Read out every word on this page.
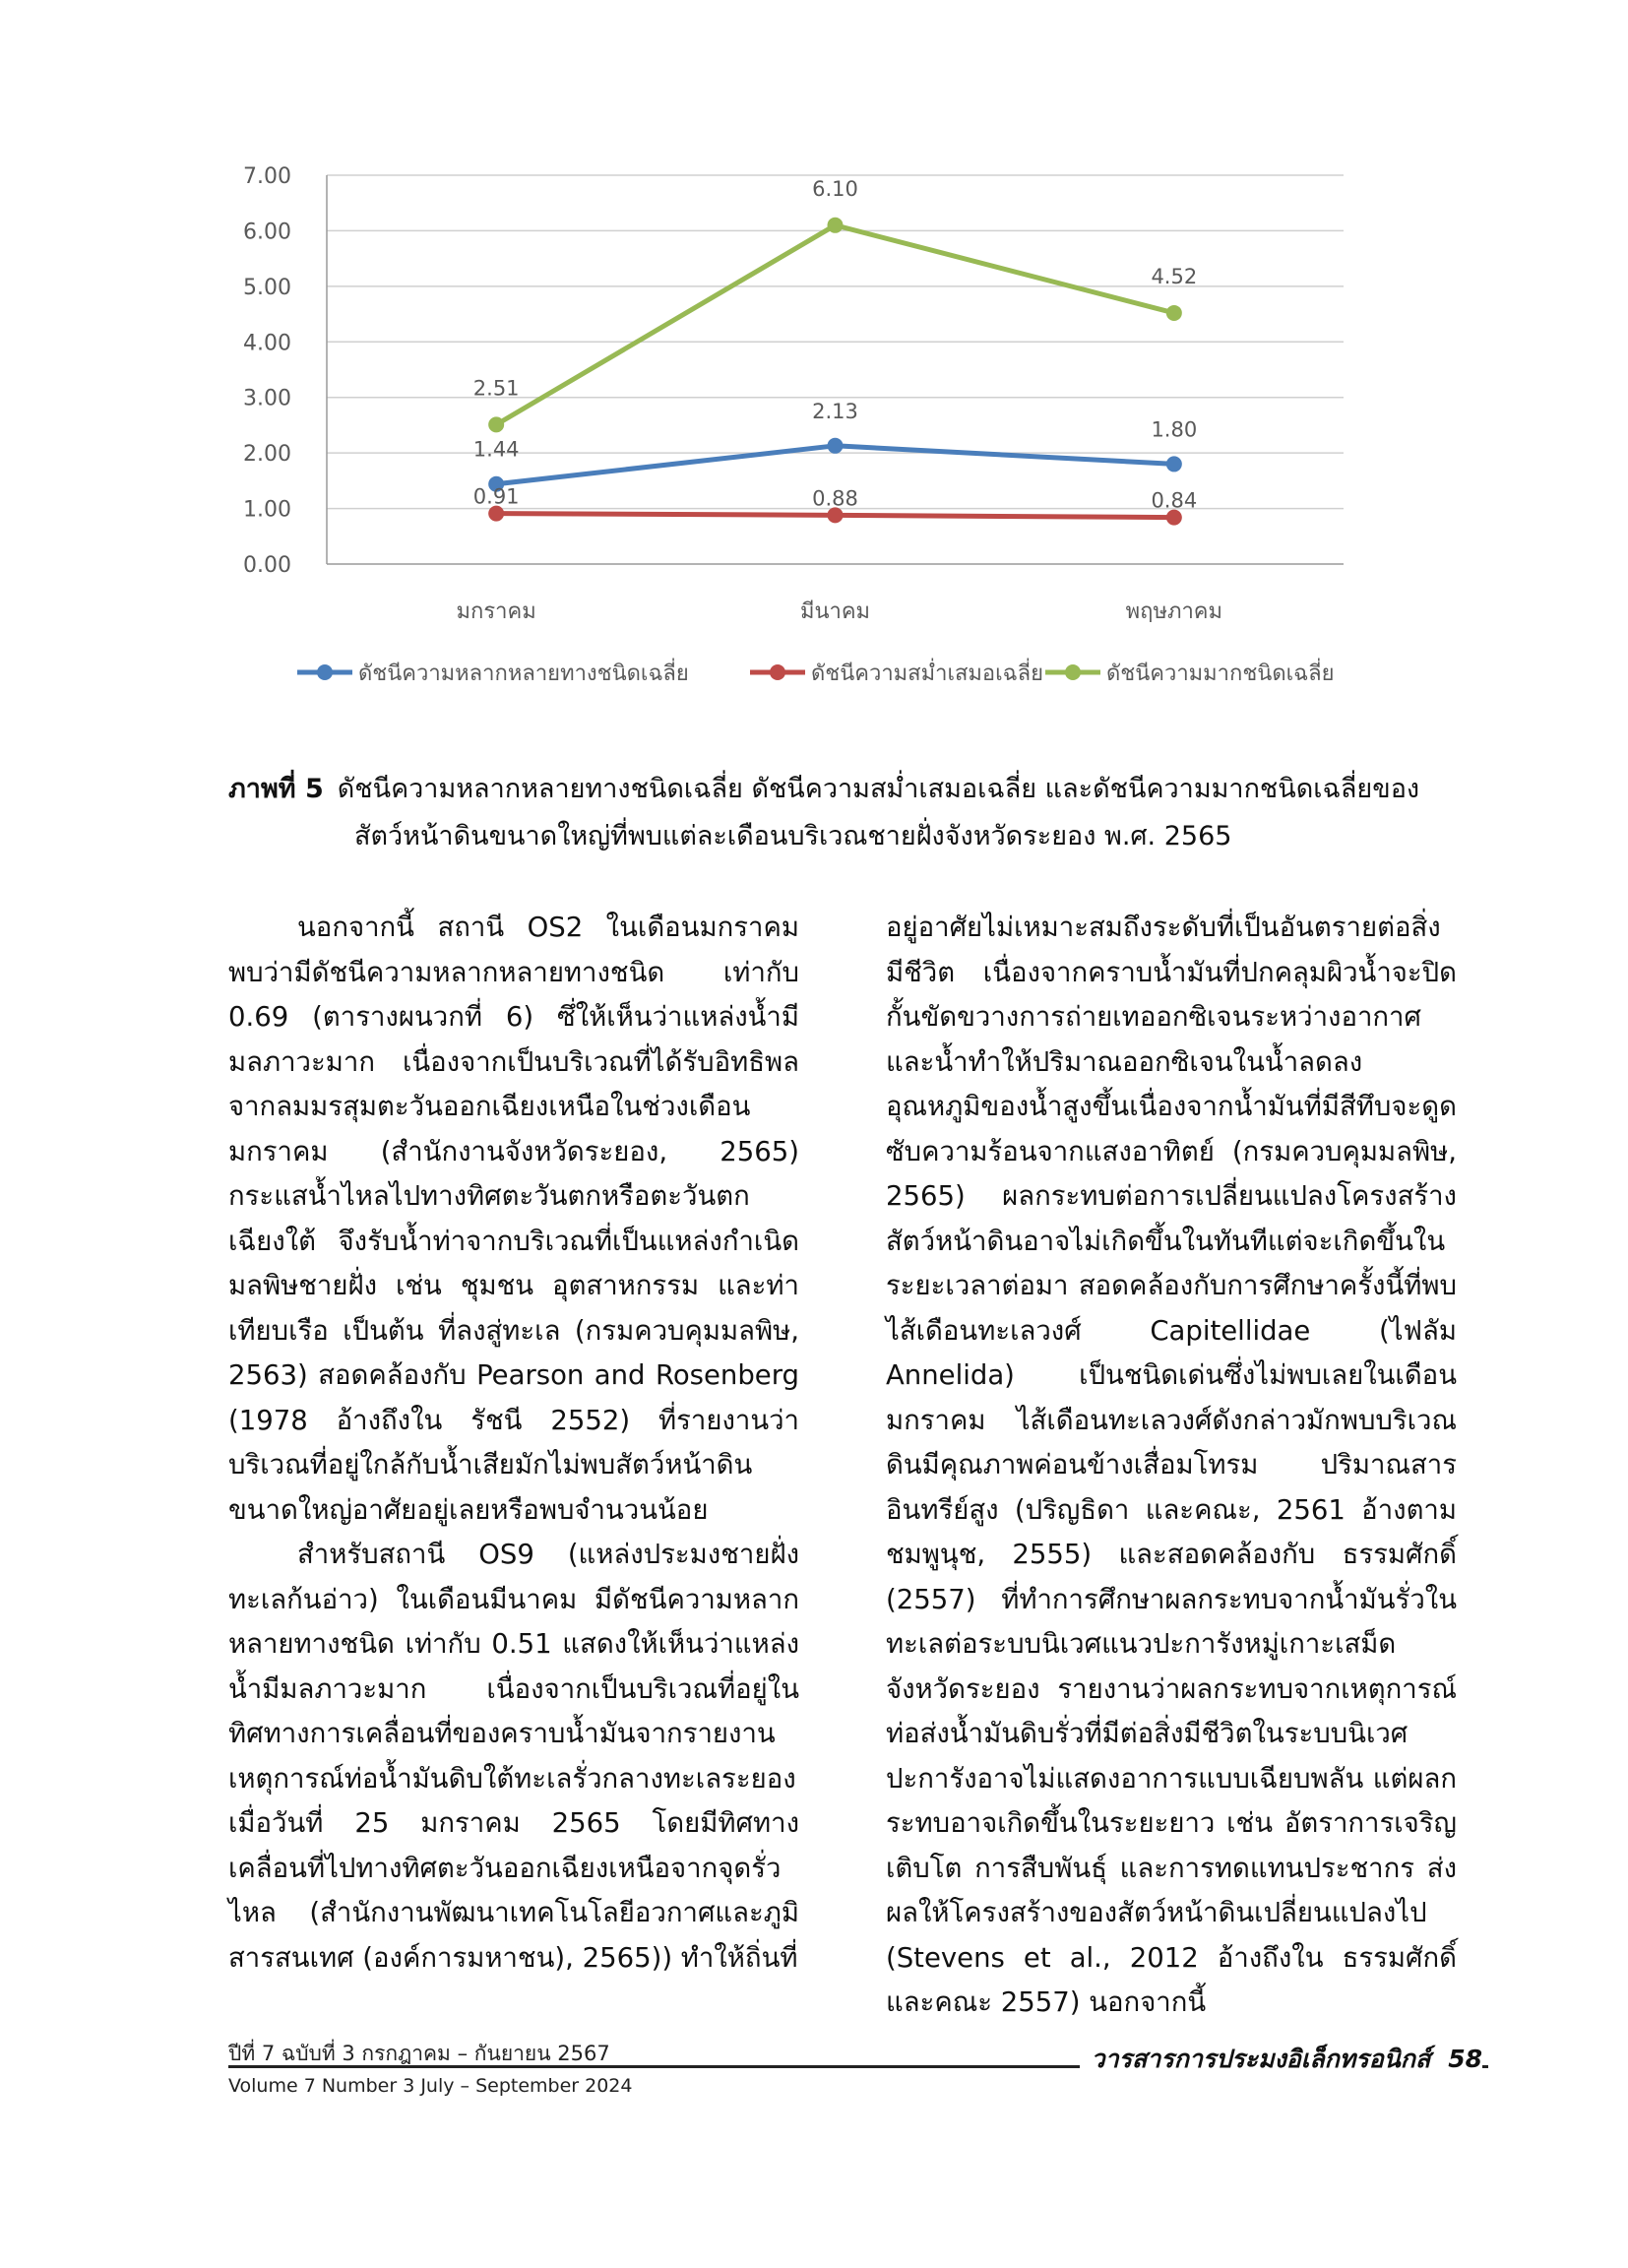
0.00
1.00
2.00
3.00
4.00
5.00
6.00
7.00
มกราคม	มีนาคม	พฤษภาคม
1.44
2.13
1.80
0.91	0.88	0.84
2.51
6.10
4.52
ดัชนีความหลากหลายทางชนิดเฉลี่ย	ดัชนีความสม่ำเสมอเฉลี่ย	ดัชนีความมากชนิดเฉลี่ย
ภาพที่ 5 ดัชนีความหลากหลายทางชนิดเฉลี่ย ดัชนีความสม่ำเสมอเฉลี่ย และดัชนีความมากชนิดเฉลี่ยของ
สัตว์หน้าดินขนาดใหญ่ที่พบแต่ละเดือนบริเวณชายฝั่งจังหวัดระยอง พ.ศ. 2565

นอกจากนี้ สถานี OS2 ในเดือนมกราคม พบว่ามีดัชนีความหลากหลายทางชนิด เท่ากับ 0.69 (ตารางผนวกที่ 6) ซึ่ให้เห็นว่าแหล่งน้ำมีมลภาวะมาก เนื่องจากเป็นบริเวณที่ได้รับอิทธิพลจากลมมรสุมตะวันออกเฉียงเหนือในช่วงเดือน มกราคม (สำนักงานจังหวัดระยอง, 2565) กระแสน้ำไหลไปทางทิศตะวันตกหรือตะวันตกเฉียงใต้ จึงรับน้ำท่าจากบริเวณที่เป็นแหล่งกำเนิดมลพิษชายฝั่ง เช่น ชุมชน อุตสาหกรรม และท่าเทียบเรือ เป็นต้น ที่ลงสู่ทะเล (กรมควบคุมมลพิษ, 2563) สอดคล้องกับ Pearson and Rosenberg (1978 อ้างถึงใน รัชนี 2552) ที่รายงานว่าบริเวณที่อยู่ใกล้กับน้ำเสียมักไม่พบสัตว์หน้าดินขนาดใหญ่อาศัยอยู่เลยหรือพบจำนวนน้อย

สำหรับสถานี OS9 (แหล่งประมงชายฝั่งทะเลก้นอ่าว) ในเดือนมีนาคม มีดัชนีความหลากหลายทางชนิด เท่ากับ 0.51 แสดงให้เห็นว่าแหล่งน้ำมีมลภาวะมาก เนื่องจากเป็นบริเวณที่อยู่ในทิศทางการเคลื่อนที่ของคราบน้ำมันจากรายงานเหตุการณ์ท่อน้ำมันดิบใต้ทะเลรั่วกลางทะเลระยอง เมื่อวันที่ 25 มกราคม 2565 โดยมีทิศทางเคลื่อนที่ไปทางทิศตะวันออกเฉียงเหนือจากจุดรั่วไหล (สำนักงานพัฒนาเทคโนโลยีอวกาศและภูมิสารสนเทศ (องค์การมหาชน), 2565)) ทำให้ถิ่นที่

อยู่อาศัยไม่เหมาะสมถึงระดับที่เป็นอันตรายต่อสิ่งมีชีวิต เนื่องจากคราบน้ำมันที่ปกคลุมผิวน้ำจะปิดกั้นขัดขวางการถ่ายเทออกซิเจนระหว่างอากาศและน้ำทำให้ปริมาณออกซิเจนในน้ำลดลง อุณหภูมิของน้ำสูงขึ้นเนื่องจากน้ำมันที่มีสีทึบจะดูดซับความร้อนจากแสงอาทิตย์ (กรมควบคุมมลพิษ, 2565) ผลกระทบต่อการเปลี่ยนแปลงโครงสร้างสัตว์หน้าดินอาจไม่เกิดขึ้นในทันทีแต่จะเกิดขึ้นในระยะเวลาต่อมา สอดคล้องกับการศึกษาครั้งนี้ที่พบไส้เดือนทะเลวงศ์ Capitellidae (ไฟลัม Annelida) เป็นชนิดเด่นซึ่งไม่พบเลยในเดือนมกราคม ไส้เดือนทะเลวงศ์ดังกล่าวมักพบบริเวณดินมีคุณภาพค่อนข้างเสื่อมโทรม ปริมาณสารอินทรีย์สูง (ปริญธิดา และคณะ, 2561 อ้างตาม ชมพูนุช, 2555) และสอดคล้องกับ ธรรมศักดิ์ (2557) ที่ทำการศึกษาผลกระทบจากน้ำมันรั่วในทะเลต่อระบบนิเวศแนวปะการังหมู่เกาะเสม็ด จังหวัดระยอง รายงานว่าผลกระทบจากเหตุการณ์ท่อส่งน้ำมันดิบรั่วที่มีต่อสิ่งมีชีวิตในระบบนิเวศปะการังอาจไม่แสดงอาการแบบเฉียบพลัน แต่ผลกระทบอาจเกิดขึ้นในระยะยาว เช่น อัตราการเจริญเติบโต การสืบพันธุ์ และการทดแทนประชากร ส่งผลให้โครงสร้างของสัตว์หน้าดินเปลี่ยนแปลงไป (Stevens et al., 2012 อ้างถึงใน ธรรมศักดิ์ และคณะ 2557) นอกจากนี้

ปีที่ 7 ฉบับที่ 3 กรกฎาคม – กันยายน 2567
Volume 7 Number 3 July – September 2024
วารสารการประมงอิเล็กทรอนิกส์ 58
